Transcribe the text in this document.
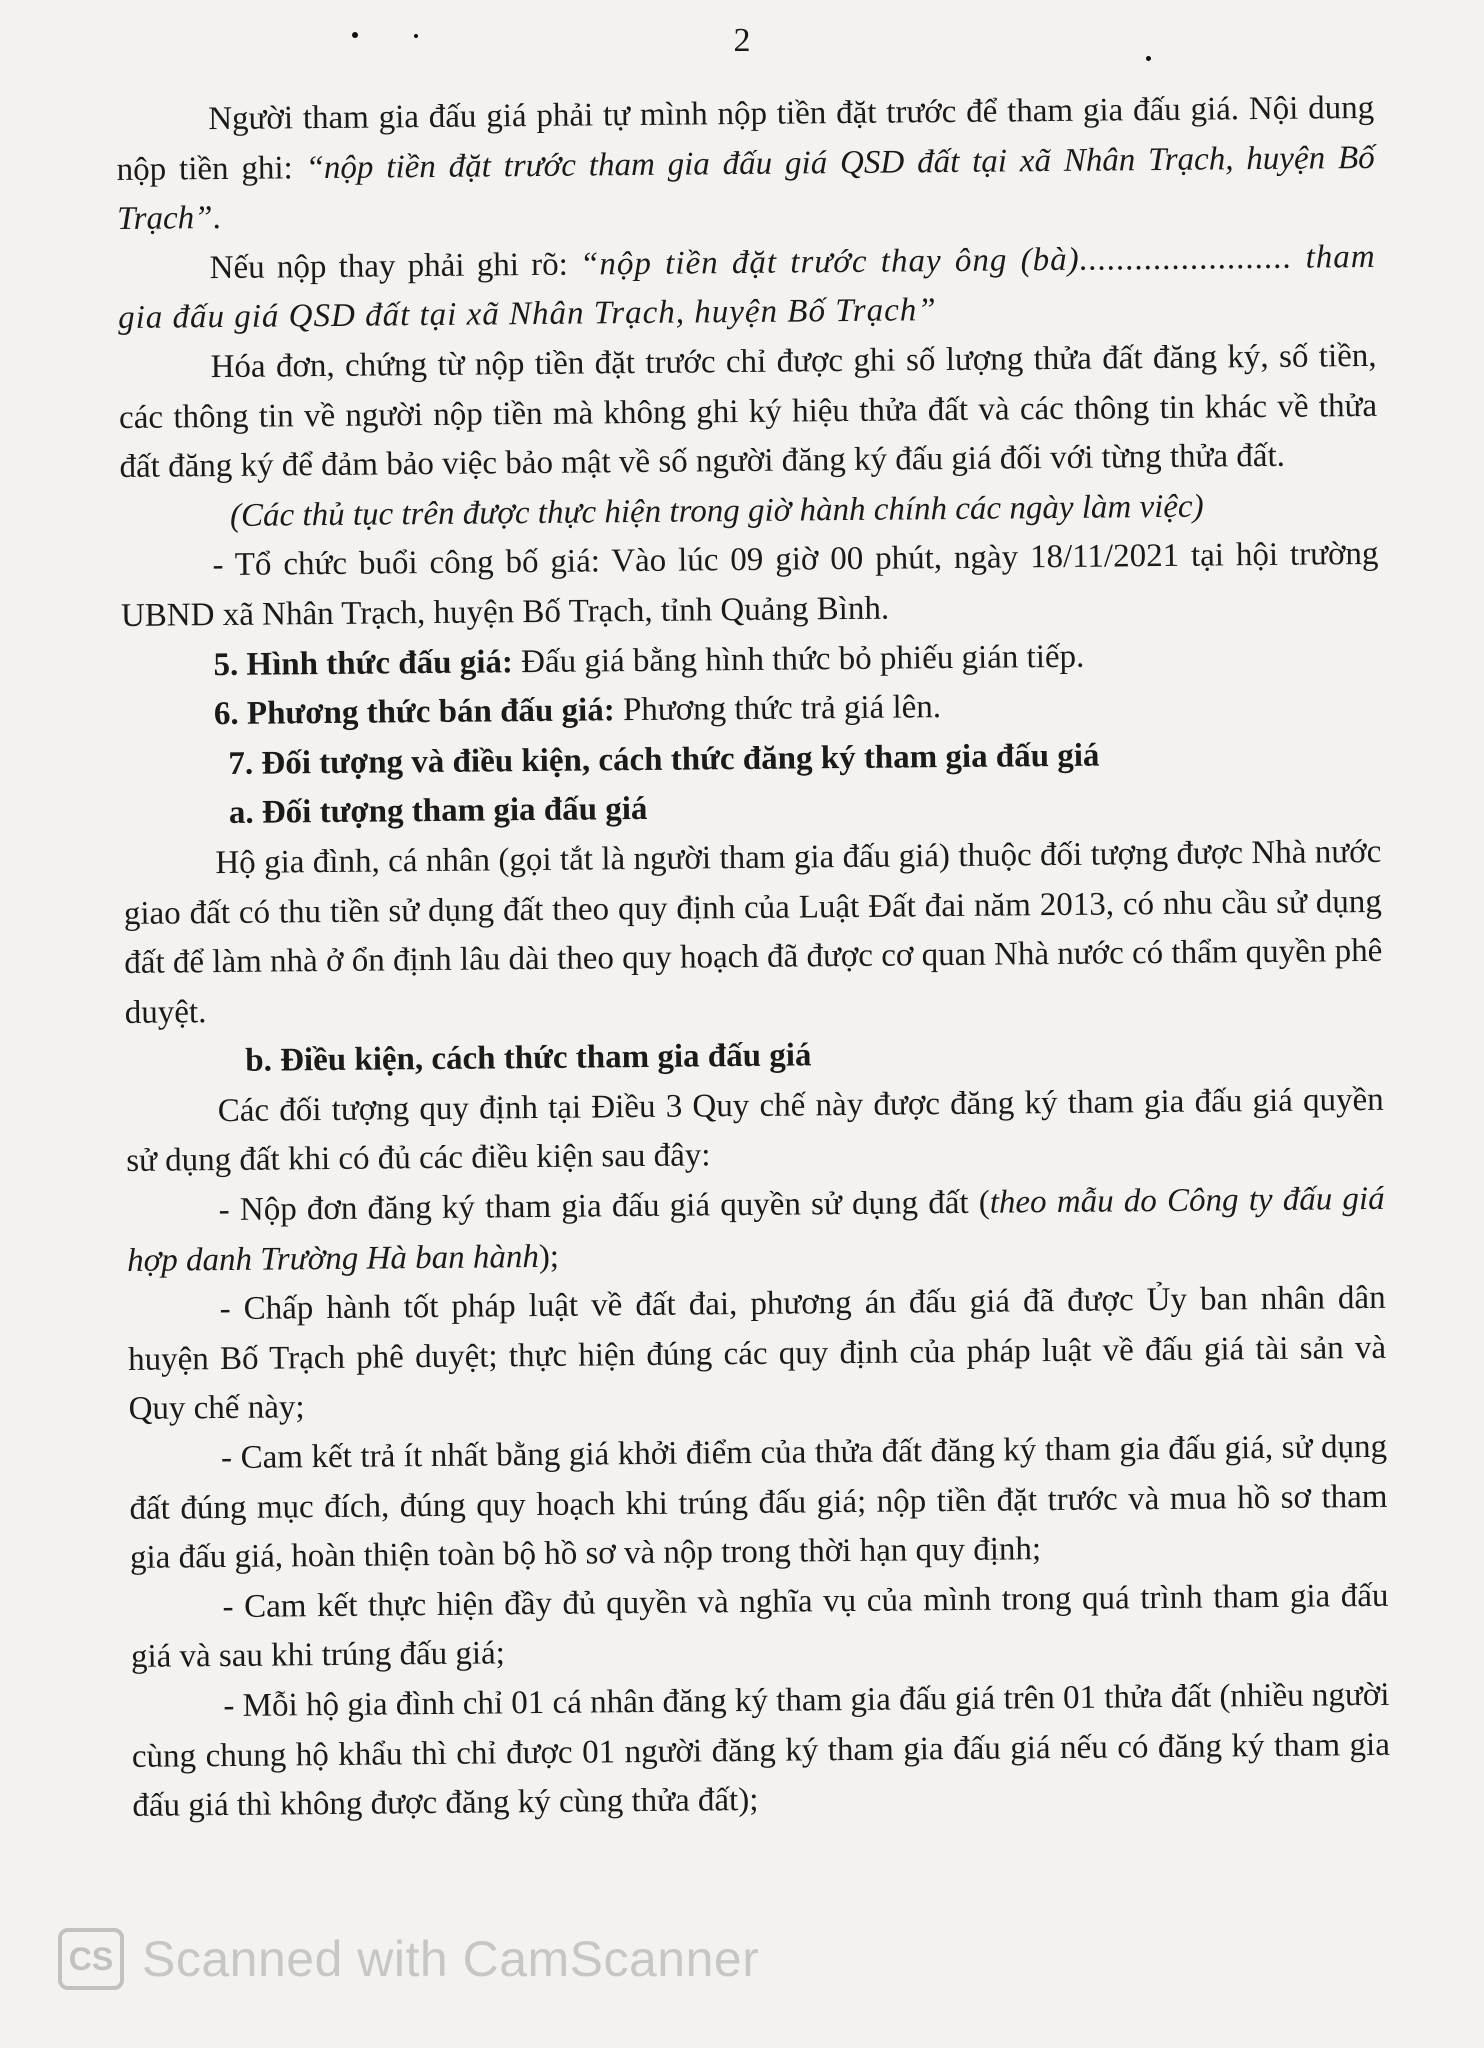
2

Người tham gia đấu giá phải tự mình nộp tiền đặt trước để tham gia đấu giá. Nội dung nộp tiền ghi: “nộp tiền đặt trước tham gia đấu giá QSD đất tại xã Nhân Trạch, huyện Bố Trạch”.

Nếu nộp thay phải ghi rõ: “nộp tiền đặt trước thay ông (bà)....................... tham gia đấu giá QSD đất tại xã Nhân Trạch, huyện Bố Trạch”

Hóa đơn, chứng từ nộp tiền đặt trước chỉ được ghi số lượng thửa đất đăng ký, số tiền, các thông tin về người nộp tiền mà không ghi ký hiệu thửa đất và các thông tin khác về thửa đất đăng ký để đảm bảo việc bảo mật về số người đăng ký đấu giá đối với từng thửa đất.

(Các thủ tục trên được thực hiện trong giờ hành chính các ngày làm việc)

- Tổ chức buổi công bố giá: Vào lúc 09 giờ 00 phút, ngày 18/11/2021 tại hội trường UBND xã Nhân Trạch, huyện Bố Trạch, tỉnh Quảng Bình.

5. Hình thức đấu giá: Đấu giá bằng hình thức bỏ phiếu gián tiếp.

6. Phương thức bán đấu giá: Phương thức trả giá lên.

7. Đối tượng và điều kiện, cách thức đăng ký tham gia đấu giá

a. Đối tượng tham gia đấu giá

Hộ gia đình, cá nhân (gọi tắt là người tham gia đấu giá) thuộc đối tượng được Nhà nước giao đất có thu tiền sử dụng đất theo quy định của Luật Đất đai năm 2013, có nhu cầu sử dụng đất để làm nhà ở ổn định lâu dài theo quy hoạch đã được cơ quan Nhà nước có thẩm quyền phê duyệt.

b. Điều kiện, cách thức tham gia đấu giá

Các đối tượng quy định tại Điều 3 Quy chế này được đăng ký tham gia đấu giá quyền sử dụng đất khi có đủ các điều kiện sau đây:

- Nộp đơn đăng ký tham gia đấu giá quyền sử dụng đất (theo mẫu do Công ty đấu giá hợp danh Trường Hà ban hành);

- Chấp hành tốt pháp luật về đất đai, phương án đấu giá đã được Ủy ban nhân dân huyện Bố Trạch phê duyệt; thực hiện đúng các quy định của pháp luật về đấu giá tài sản và Quy chế này;

- Cam kết trả ít nhất bằng giá khởi điểm của thửa đất đăng ký tham gia đấu giá, sử dụng đất đúng mục đích, đúng quy hoạch khi trúng đấu giá; nộp tiền đặt trước và mua hồ sơ tham gia đấu giá, hoàn thiện toàn bộ hồ sơ và nộp trong thời hạn quy định;

- Cam kết thực hiện đầy đủ quyền và nghĩa vụ của mình trong quá trình tham gia đấu giá và sau khi trúng đấu giá;

- Mỗi hộ gia đình chỉ 01 cá nhân đăng ký tham gia đấu giá trên 01 thửa đất (nhiều người cùng chung hộ khẩu thì chỉ được 01 người đăng ký tham gia đấu giá nếu có đăng ký tham gia đấu giá thì không được đăng ký cùng thửa đất);

CS Scanned with CamScanner
